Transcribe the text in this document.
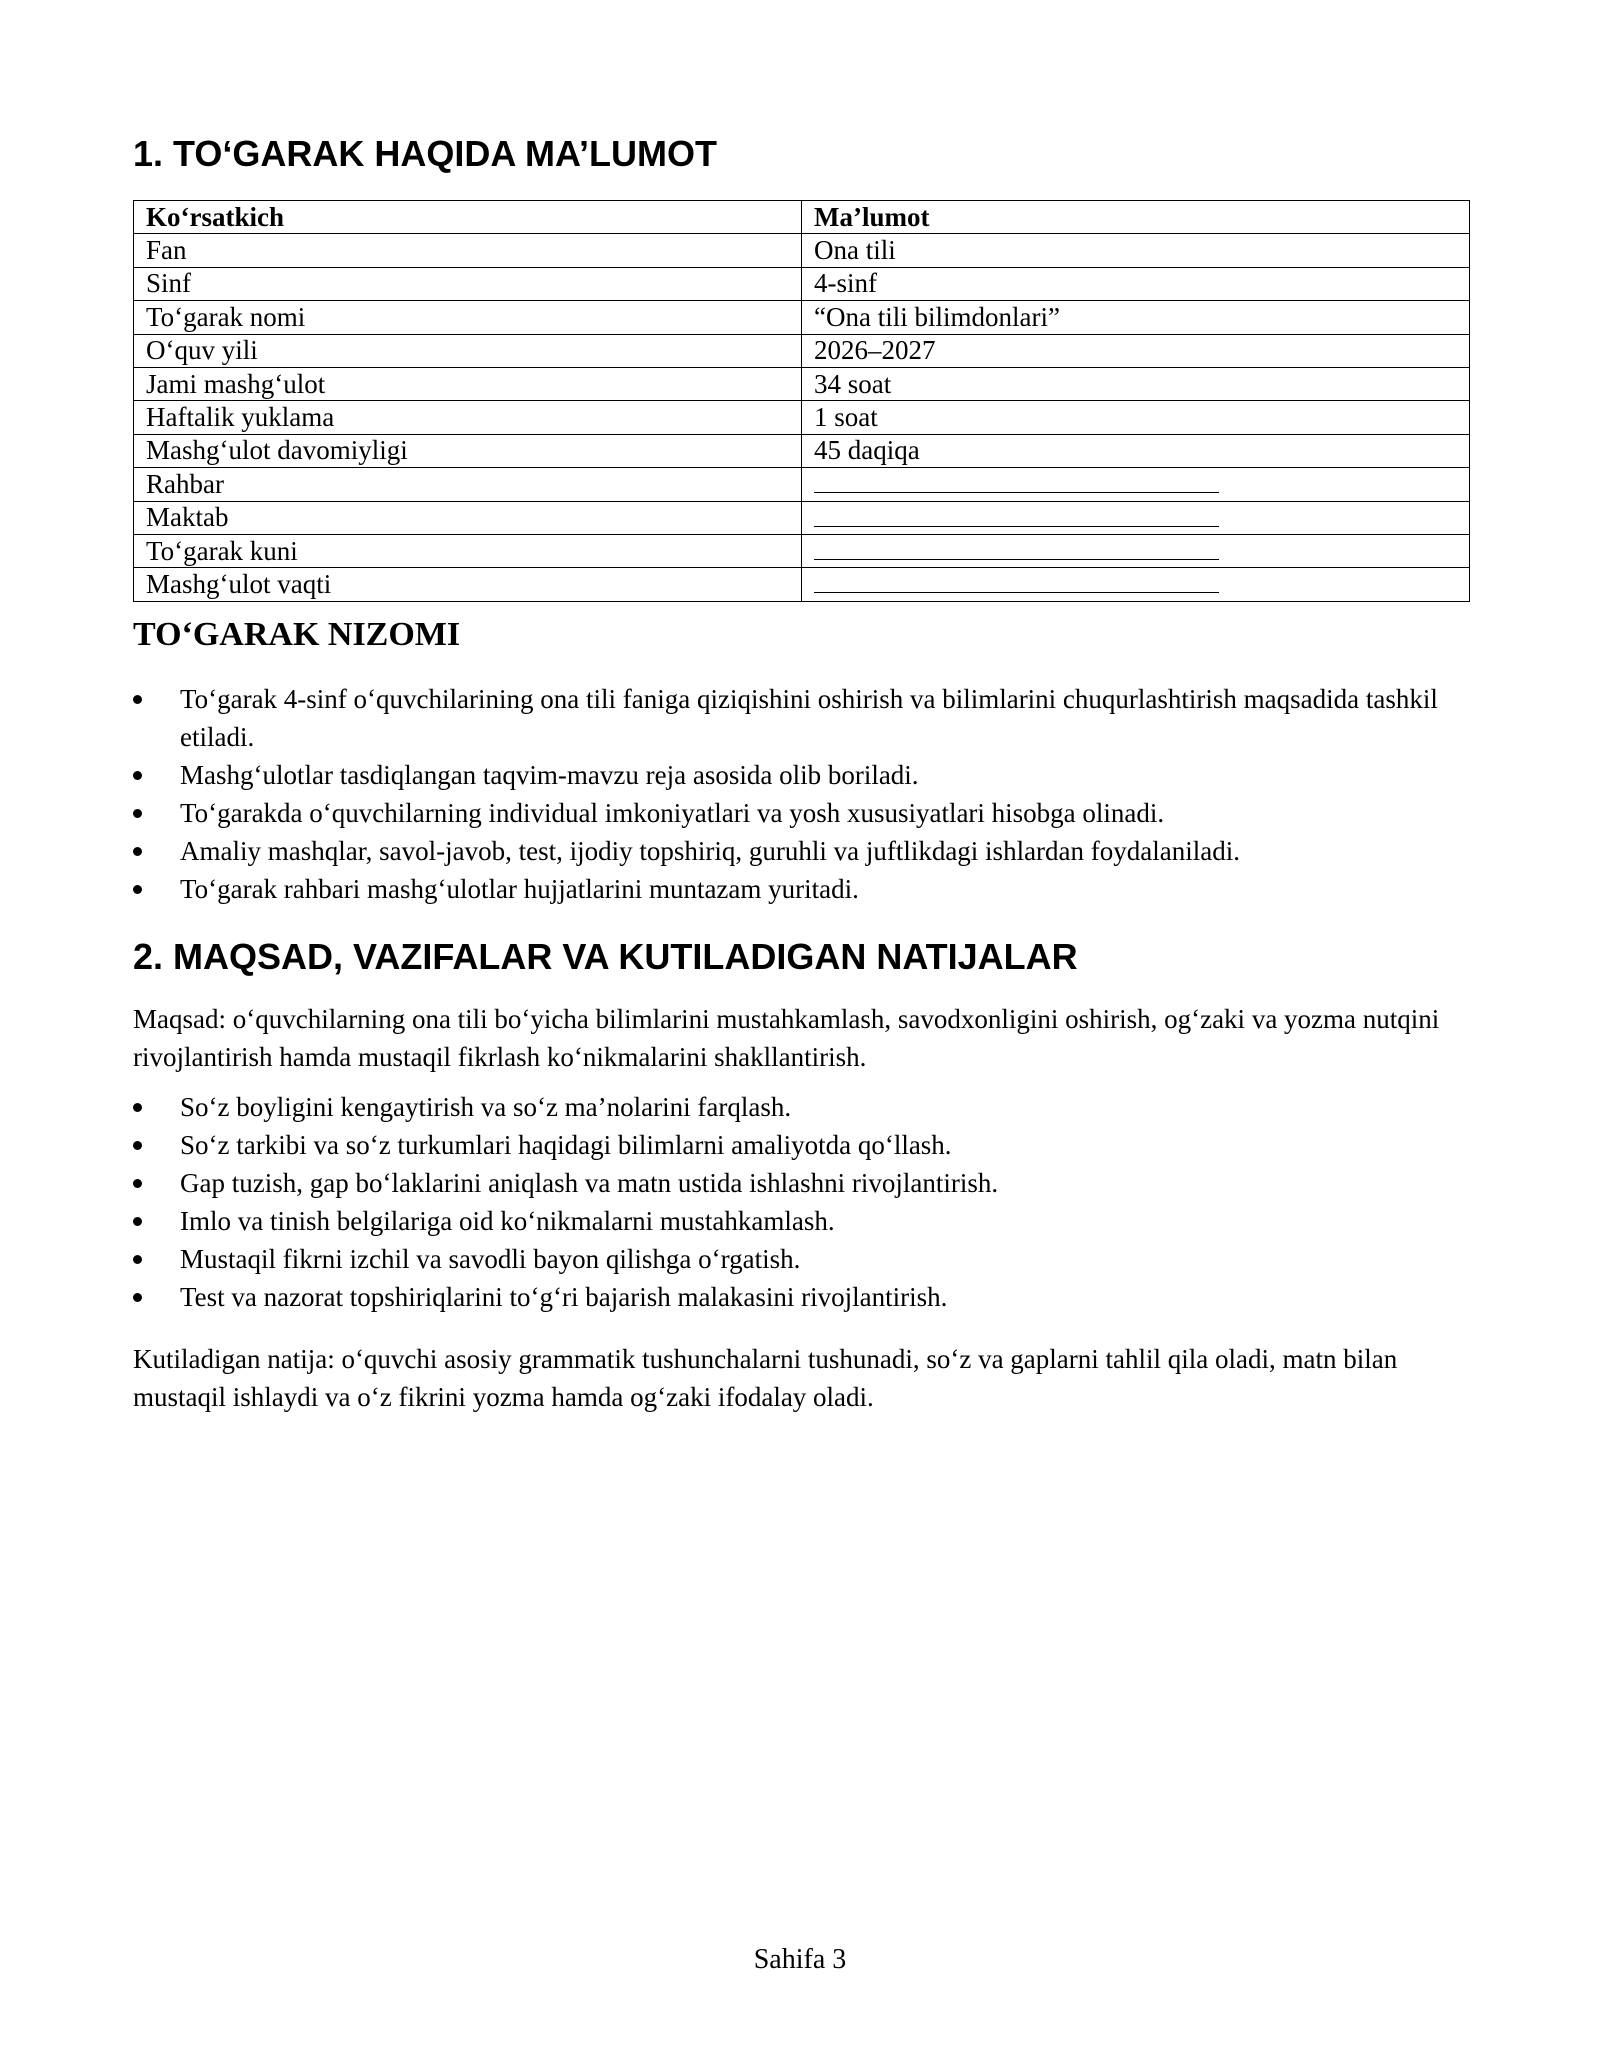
1. TO‘GARAK HAQIDA MA’LUMOT
Ko‘rsatkich	Ma’lumot
Fan	Ona tili
Sinf	4-sinf
To‘garak nomi	“Ona tili bilimdonlari”
O‘quv yili	2026–2027
Jami mashg‘ulot	34 soat
Haftalik yuklama	1 soat
Mashg‘ulot davomiyligi	45 daqiqa
Rahbar	
Maktab	
To‘garak kuni	
Mashg‘ulot vaqti	
TO‘GARAK NIZOMI
To‘garak 4-sinf o‘quvchilarining ona tili faniga qiziqishini oshirish va bilimlarini chuqurlashtirish maqsadida tashkil etiladi.
Mashg‘ulotlar tasdiqlangan taqvim-mavzu reja asosida olib boriladi.
To‘garakda o‘quvchilarning individual imkoniyatlari va yosh xususiyatlari hisobga olinadi.
Amaliy mashqlar, savol-javob, test, ijodiy topshiriq, guruhli va juftlikdagi ishlardan foydalaniladi.
To‘garak rahbari mashg‘ulotlar hujjatlarini muntazam yuritadi.
2. MAQSAD, VAZIFALAR VA KUTILADIGAN NATIJALAR

Maqsad: o‘quvchilarning ona tili bo‘yicha bilimlarini mustahkamlash, savodxonligini oshirish, og‘zaki va yozma nutqini rivojlantirish hamda mustaqil fikrlash ko‘nikmalarini shakllantirish.

So‘z boyligini kengaytirish va so‘z ma’nolarini farqlash.
So‘z tarkibi va so‘z turkumlari haqidagi bilimlarni amaliyotda qo‘llash.
Gap tuzish, gap bo‘laklarini aniqlash va matn ustida ishlashni rivojlantirish.
Imlo va tinish belgilariga oid ko‘nikmalarni mustahkamlash.
Mustaqil fikrni izchil va savodli bayon qilishga o‘rgatish.
Test va nazorat topshiriqlarini to‘g‘ri bajarish malakasini rivojlantirish.

Kutiladigan natija: o‘quvchi asosiy grammatik tushunchalarni tushunadi, so‘z va gaplarni tahlil qila oladi, matn bilan mustaqil ishlaydi va o‘z fikrini yozma hamda og‘zaki ifodalay oladi.

Sahifa 3
